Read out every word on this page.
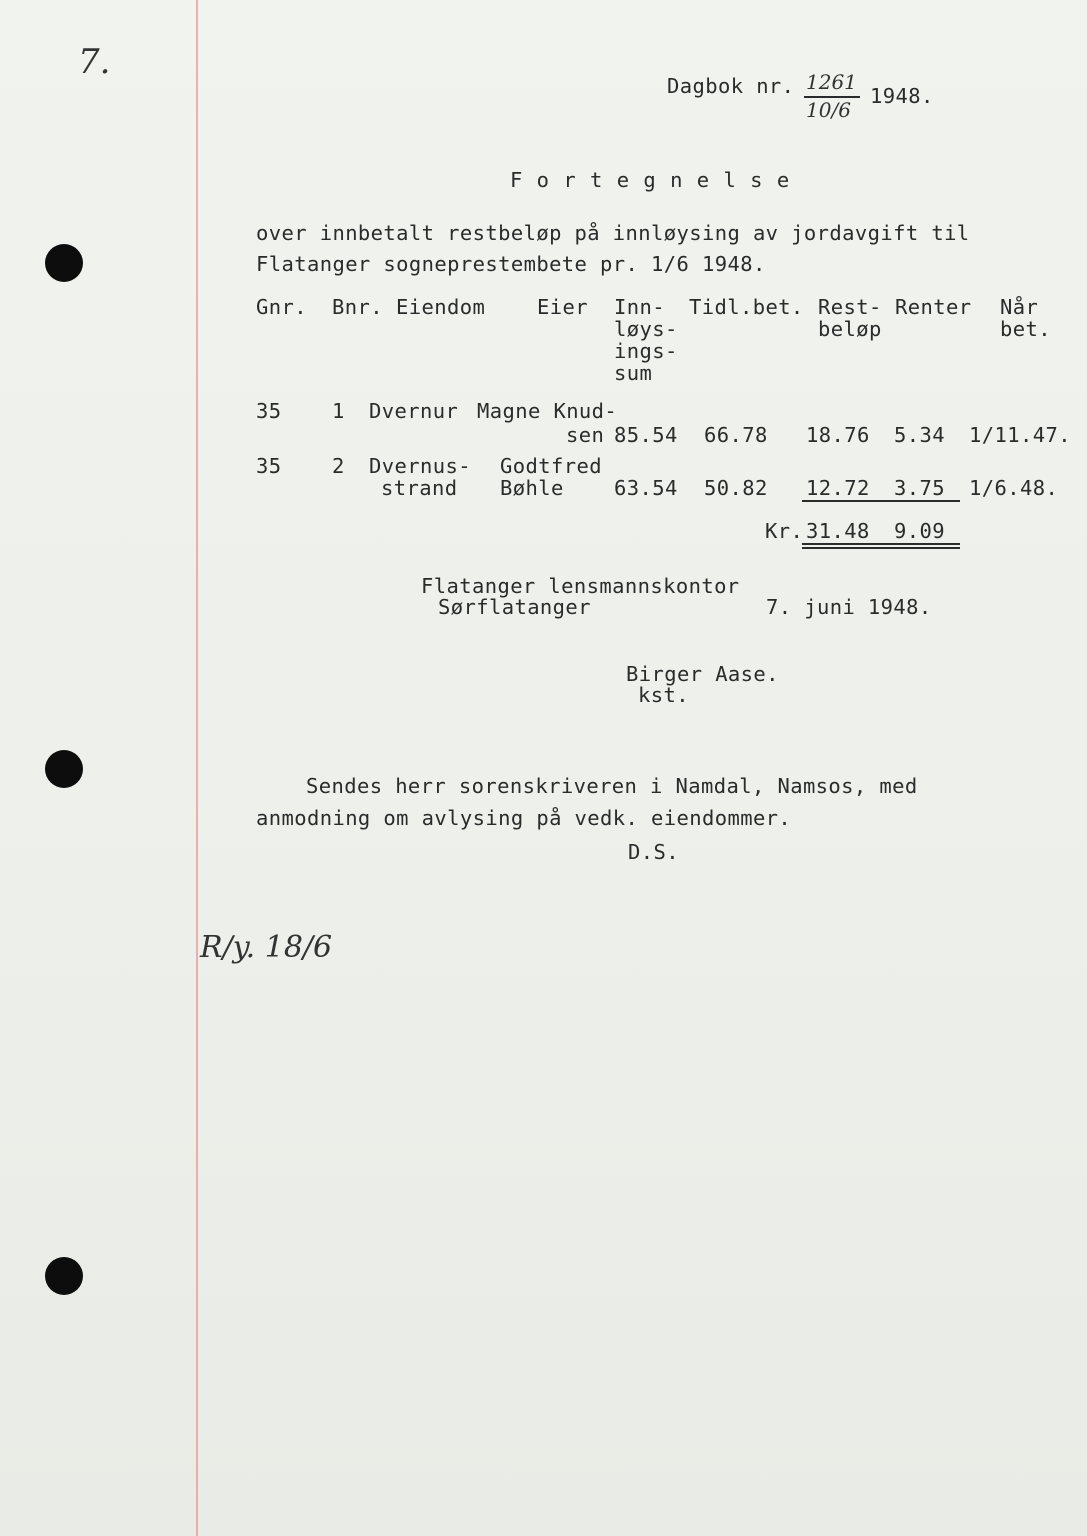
7.
Dagbok nr. 1261
10/6
1948.
F o r t e g n e l s e
over innbetalt restbeløp på innløysing av jordavgift til
Flatanger sogneprestembete pr. 1/6 1948.
Gnr. Bnr. Eiendom	Eier Inn-
løys-
ings-
sum
Tidl.bet. Rest-
beløp
Renter Når
bet.
35 1 Dvernur Magne Knud-
sen 85.54 66.78 18.76 5.34 1/11.47.
35 2 Dvernus-
strand
Godtfred
Bøhle 63.54 50.82 12.72 3.75 1/6.48.
Kr. 31.48 9.09
Flatanger lensmannskontor
Sørflatanger	7. juni 1948.
Birger Aase.
kst.
Sendes herr sorenskriveren i Namdal, Namsos, med
anmodning om avlysing på vedk. eiendommer.
D.S.
R/y. 18/6
